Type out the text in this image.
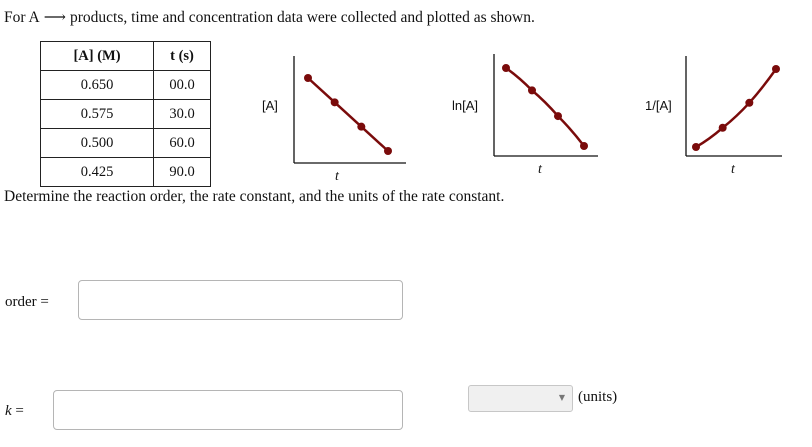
For A ⟶ products, time and concentration data were collected and plotted as shown.
[A] (M)	t (s)
0.650	00.0
0.575	30.0
0.500	60.0
0.425	90.0
[A]
t
ln[A]
t
1/[A]
t
Determine the reaction order, the rate constant, and the units of the rate constant.
order =
k =
▼ (units)
